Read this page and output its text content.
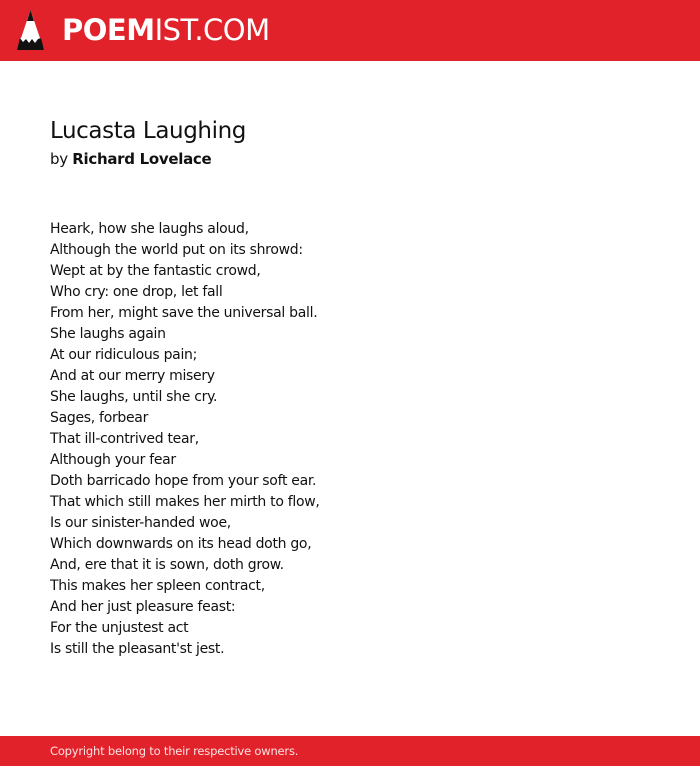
POEMIST.COM
Lucasta Laughing
by Richard Lovelace
Heark, how she laughs aloud,
Although the world put on its shrowd:
Wept at by the fantastic crowd,
Who cry: one drop, let fall
From her, might save the universal ball.
She laughs again
At our ridiculous pain;
And at our merry misery
She laughs, until she cry.
Sages, forbear
That ill-contrived tear,
Although your fear
Doth barricado hope from your soft ear.
That which still makes her mirth to flow,
Is our sinister-handed woe,
Which downwards on its head doth go,
And, ere that it is sown, doth grow.
This makes her spleen contract,
And her just pleasure feast:
For the unjustest act
Is still the pleasant'st jest.
Copyright belong to their respective owners.
